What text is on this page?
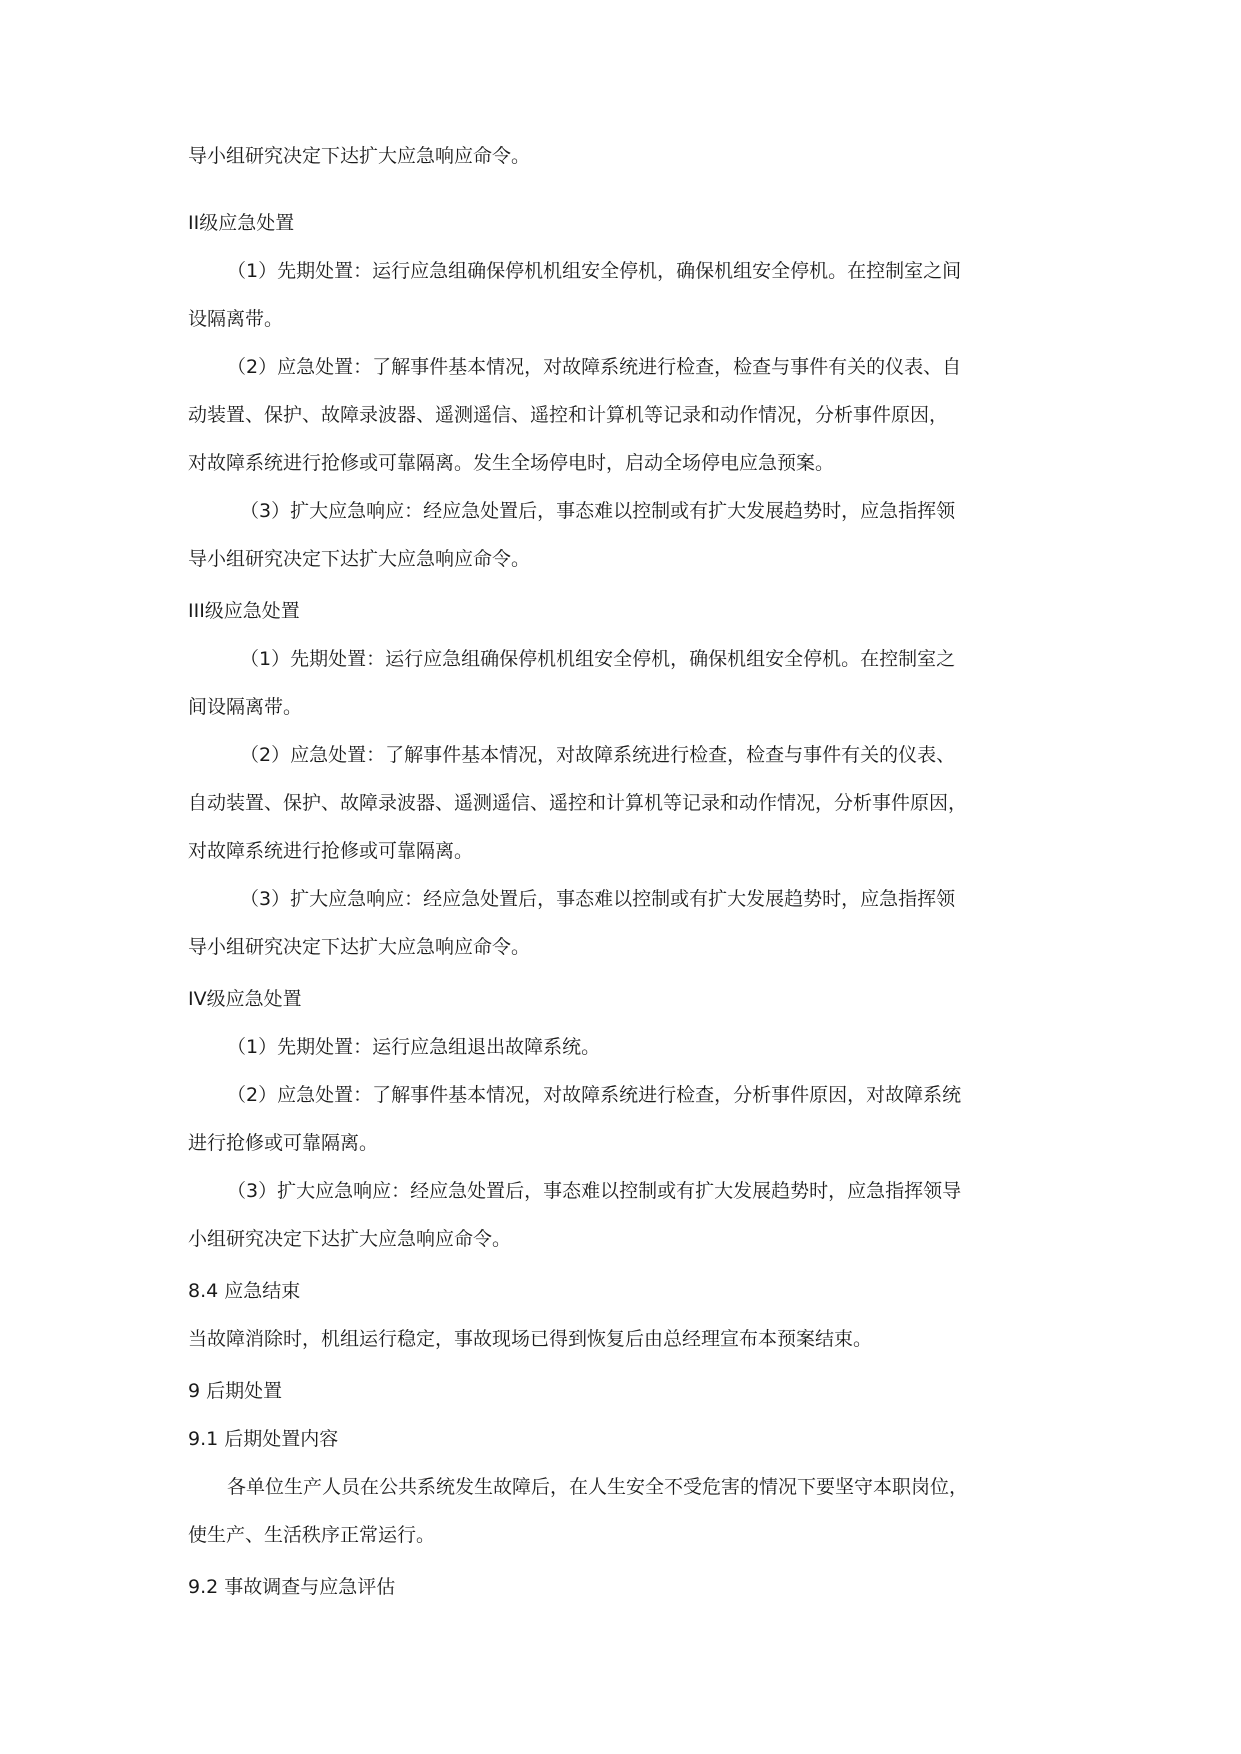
导小组研究决定下达扩大应急响应命令。
II级应急处置
（1）先期处置：运行应急组确保停机机组安全停机，确保机组安全停机。在控制室之间
设隔离带。
（2）应急处置：了解事件基本情况，对故障系统进行检查，检查与事件有关的仪表、自
动装置、保护、故障录波器、遥测遥信、遥控和计算机等记录和动作情况，分析事件原因，
对故障系统进行抢修或可靠隔离。发生全场停电时，启动全场停电应急预案。
（3）扩大应急响应：经应急处置后，事态难以控制或有扩大发展趋势时，应急指挥领
导小组研究决定下达扩大应急响应命令。
III级应急处置
（1）先期处置：运行应急组确保停机机组安全停机，确保机组安全停机。在控制室之
间设隔离带。
（2）应急处置：了解事件基本情况，对故障系统进行检查，检查与事件有关的仪表、
自动装置、保护、故障录波器、遥测遥信、遥控和计算机等记录和动作情况，分析事件原因，
对故障系统进行抢修或可靠隔离。
（3）扩大应急响应：经应急处置后，事态难以控制或有扩大发展趋势时，应急指挥领
导小组研究决定下达扩大应急响应命令。
IV级应急处置
（1）先期处置：运行应急组退出故障系统。
（2）应急处置：了解事件基本情况，对故障系统进行检查，分析事件原因，对故障系统
进行抢修或可靠隔离。
（3）扩大应急响应：经应急处置后，事态难以控制或有扩大发展趋势时，应急指挥领导
小组研究决定下达扩大应急响应命令。
8.4 应急结束
当故障消除时，机组运行稳定，事故现场已得到恢复后由总经理宣布本预案结束。
9 后期处置
9.1 后期处置内容
各单位生产人员在公共系统发生故障后，在人生安全不受危害的情况下要坚守本职岗位，
使生产、生活秩序正常运行。
9.2 事故调查与应急评估
